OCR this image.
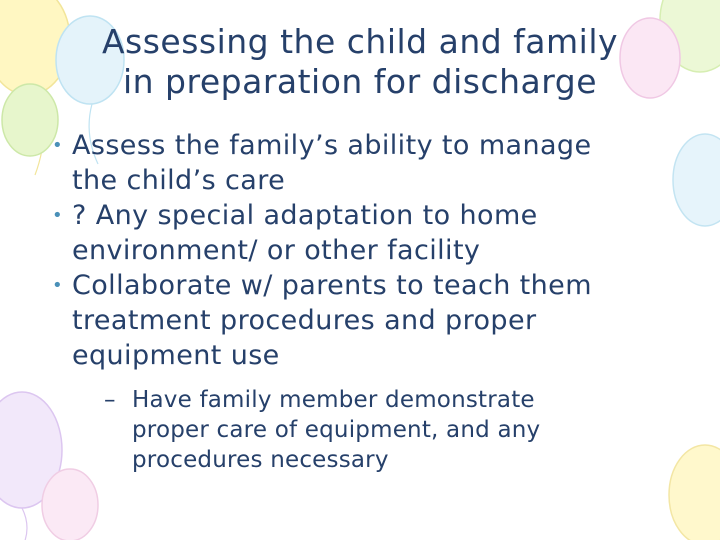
Assessing the child and family
in preparation for discharge
• Assess the family’s ability to manage
the child’s care
• ? Any special adaptation to home
environment/ or other facility
• Collaborate w/ parents to teach them
treatment procedures and proper
equipment use
– Have family member demonstrate
proper care of equipment, and any
procedures necessary
